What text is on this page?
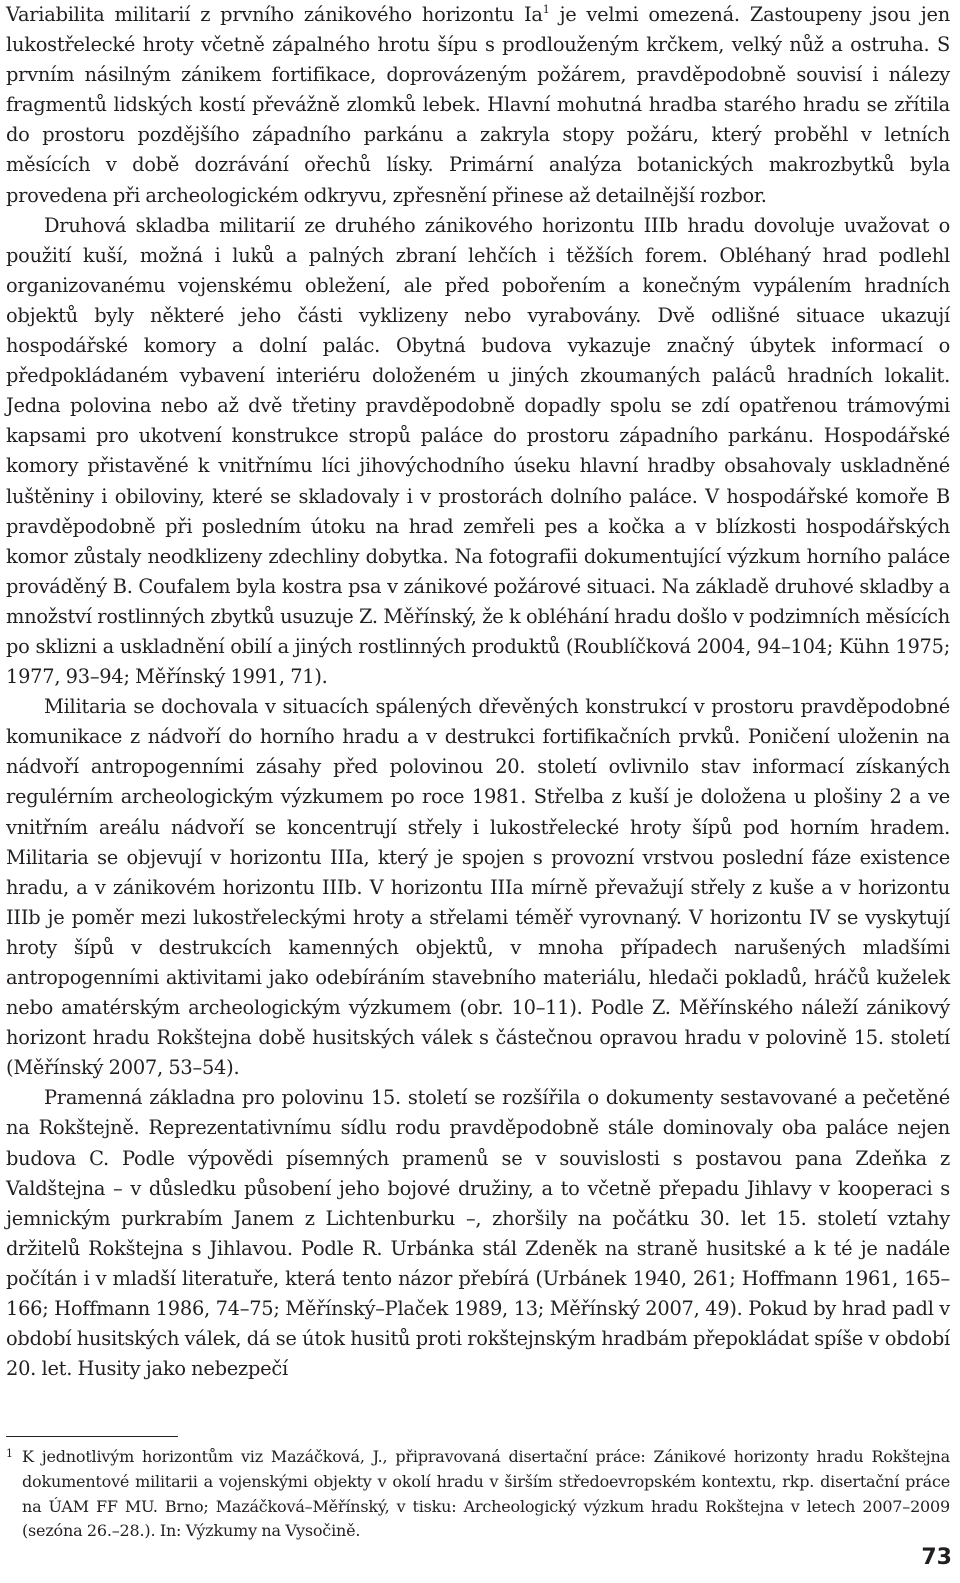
Variabilita militarií z prvního zánikového horizontu Ia$^1$ je velmi omezená. Zastoupeny jsou jen lukostřelecké hroty včetně zápalného hrotu šípu s prodlouženým krčkem, velký nůž a ostruha. S prvním násilným zánikem fortifikace, doprovázeným požárem, pravděpodobně souvisí i nálezy fragmentů lidských kostí převážně zlomků lebek. Hlavní mohutná hradba starého hradu se zřítila do prostoru pozdějšího západního parkánu a zakryla stopy požáru, který proběhl v letních měsících v době dozrávání ořechů lísky. Primární analýza botanických makrozbytků byla provedena při archeologickém odkryvu, zpřesnění přinese až detailnější rozbor.

Druhová skladba militarií ze druhého zánikového horizontu IIIb hradu dovoluje uvažovat o použití kuší, možná i luků a palných zbraní lehčích i těžších forem. Obléhaný hrad podlehl organizovanému vojenskému obležení, ale před pobořením a konečným vypálením hradních objektů byly některé jeho části vyklizeny nebo vyrabovány. Dvě odlišné situace ukazují hospodářské komory a dolní palác. Obytná budova vykazuje značný úbytek informací o předpokládaném vybavení interiéru doloženém u jiných zkoumaných paláců hradních lokalit. Jedna polovina nebo až dvě třetiny pravděpodobně dopadly spolu se zdí opatřenou trámovými kapsami pro ukotvení konstrukce stropů paláce do prostoru západního parkánu. Hospodářské komory přistavěné k vnitřnímu líci jihovýchodního úseku hlavní hradby obsahovaly uskladněné luštěniny i obiloviny, které se skladovaly i v prostorách dolního paláce. V hospodářské komoře B pravděpodobně při posledním útoku na hrad zemřeli pes a kočka a v blízkosti hospodářských komor zůstaly neodklizeny zdechliny dobytka. Na fotografii dokumentující výzkum horního paláce prováděný B. Coufalem byla kostra psa v zánikové požárové situaci. Na základě druhové skladby a množství rostlinných zbytků usuzuje Z. Měřínský, že k obléhání hradu došlo v podzimních měsících po sklizni a uskladnění obilí a jiných rostlinných produktů (Roublíčková 2004, 94–104; Kühn 1975; 1977, 93–94; Měřínský 1991, 71).

Militaria se dochovala v situacích spálených dřevěných konstrukcí v prostoru pravděpodobné komunikace z nádvoří do horního hradu a v destrukci fortifikačních prvků. Poničení uloženin na nádvoří antropogenními zásahy před polovinou 20. století ovlivnilo stav informací získaných regulérním archeologickým výzkumem po roce 1981. Střelba z kuší je doložena u plošiny 2 a ve vnitřním areálu nádvoří se koncentrují střely i lukostřelecké hroty šípů pod horním hradem. Militaria se objevují v horizontu IIIa, který je spojen s provozní vrstvou poslední fáze existence hradu, a v zánikovém horizontu IIIb. V horizontu IIIa mírně převažují střely z kuše a v horizontu IIIb je poměr mezi lukostřeleckými hroty a střelami téměř vyrovnaný. V horizontu IV se vyskytují hroty šípů v destrukcích kamenných objektů, v mnoha případech narušených mladšími antropogenními aktivitami jako odebíráním stavebního materiálu, hledači pokladů, hráčů kuželek nebo amatérským archeologickým výzkumem (obr. 10–11). Podle Z. Měřínského náleží zánikový horizont hradu Rokštejna době husitských válek s částečnou opravou hradu v polovině 15. století (Měřínský 2007, 53–54).

Pramenná základna pro polovinu 15. století se rozšířila o dokumenty sestavované a pečetěné na Rokštejně. Reprezentativnímu sídlu rodu pravděpodobně stále dominovaly oba paláce nejen budova C. Podle výpovědi písemných pramenů se v souvislosti s postavou pana Zdeňka z Valdštejna – v důsledku působení jeho bojové družiny, a to včetně přepadu Jihlavy v kooperaci s jemnickým purkrabím Janem z Lichtenburku –, zhoršily na počátku 30. let 15. století vztahy držitelů Rokštejna s Jihlavou. Podle R. Urbánka stál Zdeněk na straně husitské a k té je nadále počítán i v mladší literatuře, která tento názor přebírá (Urbánek 1940, 261; Hoffmann 1961, 165–166; Hoffmann 1986, 74–75; Měřínský–Plaček 1989, 13; Měřínský 2007, 49). Pokud by hrad padl v období husitských válek, dá se útok husitů proti rokštejnským hradbám přepokládat spíše v období 20. let. Husity jako nebezpečí

1 K jednotlivým horizontům viz Mazáčková, J., připravovaná disertační práce: Zánikové horizonty hradu Rokštejna dokumentové militarii a vojenskými objekty v okolí hradu v širším středoevropském kontextu, rkp. disertační práce na ÚAM FF MU. Brno; Mazáčková–Měřínský, v tisku: Archeologický výzkum hradu Rokštejna v letech 2007–2009 (sezóna 26.–28.). In: Výzkumy na Vysočině.

73
